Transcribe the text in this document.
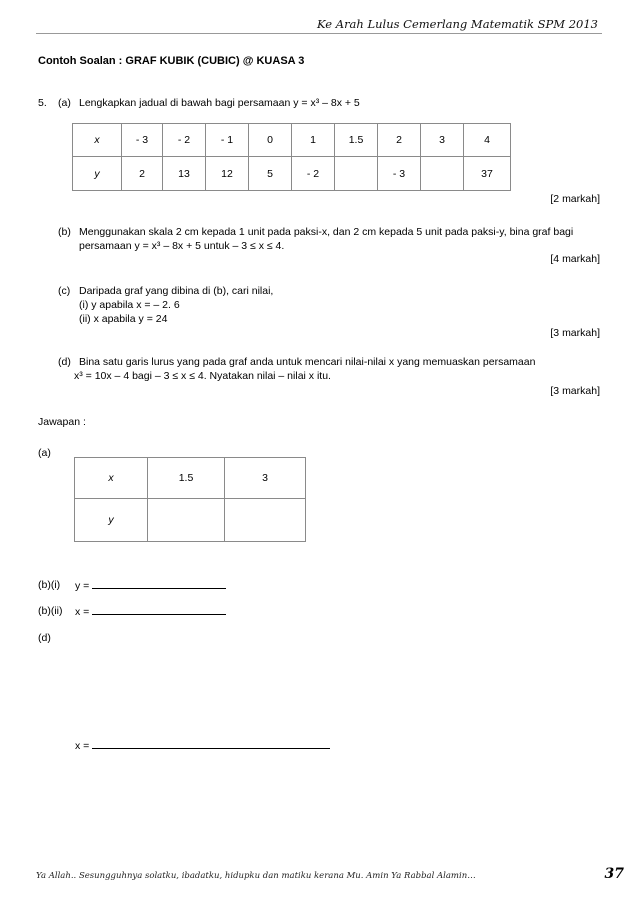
Ke Arah Lulus Cemerlang Matematik SPM 2013
Contoh Soalan : GRAF KUBIK (CUBIC) @ KUASA 3
5. (a) Lengkapkan jadual di bawah bagi persamaan y = x³ – 8x + 5
x	- 3	- 2	- 1	0	1	1.5	2	3	4
y	2	13	12	5	- 2		- 3		37
[2 markah]
(b) Menggunakan skala 2 cm kepada 1 unit pada paksi-x, dan 2 cm kepada 5 unit pada paksi-y, bina graf bagi
persamaan y = x³ – 8x + 5 untuk – 3 ≤ x ≤ 4.
[4 markah]
(c) Daripada graf yang dibina di (b), cari nilai,
(i) y apabila x = – 2. 6
(ii) x apabila y = 24
[3 markah]
(d) Bina satu garis lurus yang pada graf anda untuk mencari nilai-nilai x yang memuaskan persamaan
x³ = 10x – 4 bagi – 3 ≤ x ≤ 4. Nyatakan nilai – nilai x itu.
[3 markah]
Jawapan :
(a)
x	1.5	3
y		
(b)(i) y =
(b)(ii) x =
(d)
x =
Ya Allah.. Sesungguhnya solatku, ibadatku, hidupku dan matiku kerana Mu. Amin Ya Rabbal Alamin…	37
